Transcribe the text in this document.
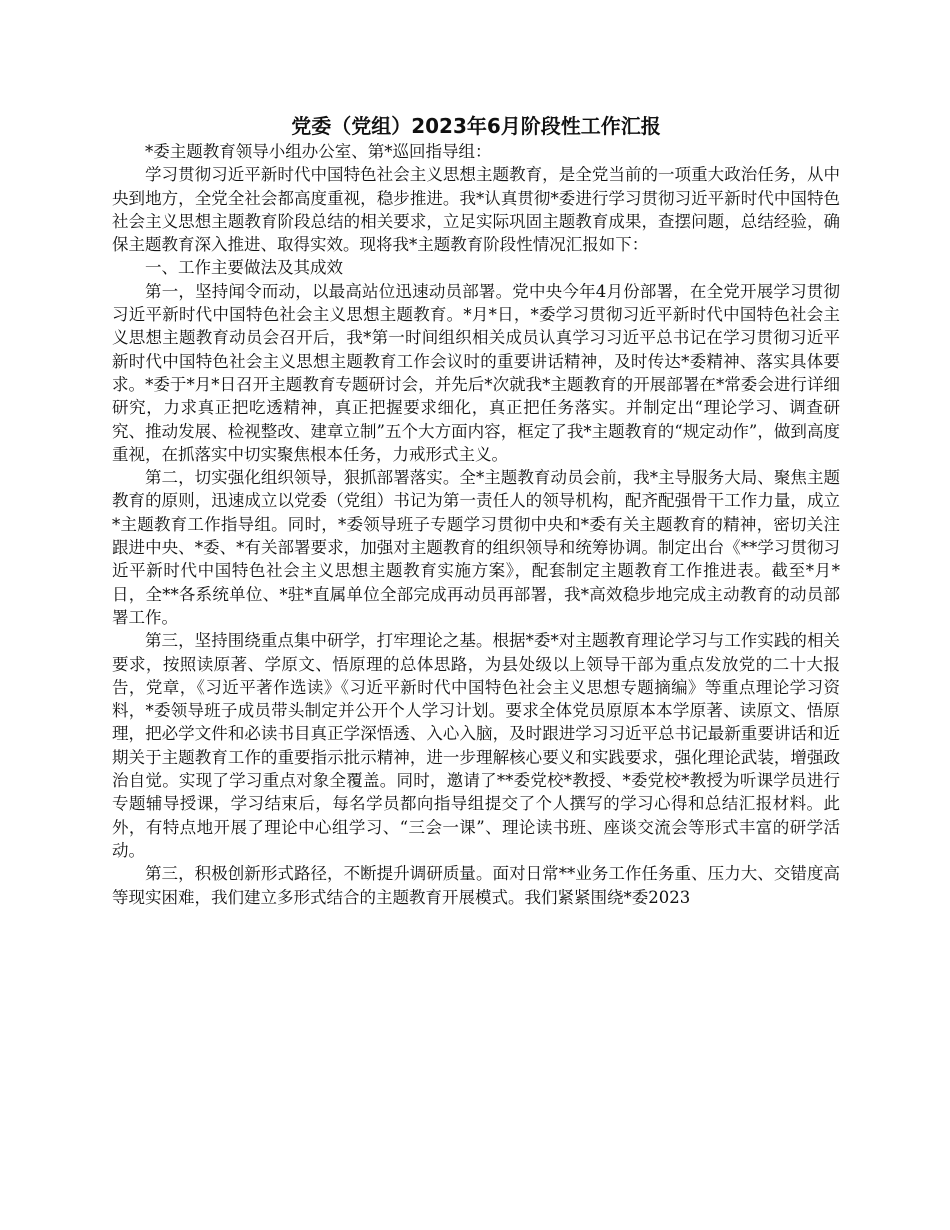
党委（党组）2023年6月阶段性工作汇报
*委主题教育领导小组办公室、第*巡回指导组：
学习贯彻习近平新时代中国特色社会主义思想主题教育，是全党当前的一项重大政治任务，从中央到地方，全党全社会都高度重视，稳步推进。我*认真贯彻*委进行学习贯彻习近平新时代中国特色社会主义思想主题教育阶段总结的相关要求，立足实际巩固主题教育成果，查摆问题，总结经验，确保主题教育深入推进、取得实效。现将我*主题教育阶段性情况汇报如下：
一、工作主要做法及其成效
第一，坚持闻令而动，以最高站位迅速动员部署。党中央今年4月份部署，在全党开展学习贯彻习近平新时代中国特色社会主义思想主题教育。*月*日，*委学习贯彻习近平新时代中国特色社会主义思想主题教育动员会召开后，我*第一时间组织相关成员认真学习习近平总书记在学习贯彻习近平新时代中国特色社会主义思想主题教育工作会议时的重要讲话精神，及时传达*委精神、落实具体要求。*委于*月*日召开主题教育专题研讨会，并先后*次就我*主题教育的开展部署在*常委会进行详细研究，力求真正把吃透精神，真正把握要求细化，真正把任务落实。并制定出“理论学习、调查研究、推动发展、检视整改、建章立制”五个大方面内容，框定了我*主题教育的“规定动作”，做到高度重视，在抓落实中切实聚焦根本任务，力戒形式主义。
第二，切实强化组织领导，狠抓部署落实。全*主题教育动员会前，我*主导服务大局、聚焦主题教育的原则，迅速成立以党委（党组）书记为第一责任人的领导机构，配齐配强骨干工作力量，成立*主题教育工作指导组。同时，*委领导班子专题学习贯彻中央和*委有关主题教育的精神，密切关注跟进中央、*委、*有关部署要求，加强对主题教育的组织领导和统筹协调。制定出台《**学习贯彻习近平新时代中国特色社会主义思想主题教育实施方案》，配套制定主题教育工作推进表。截至*月*日，全**各系统单位、*驻*直属单位全部完成再动员再部署，我*高效稳步地完成主动教育的动员部署工作。
第三，坚持围绕重点集中研学，打牢理论之基。根据*委*对主题教育理论学习与工作实践的相关要求，按照读原著、学原文、悟原理的总体思路，为县处级以上领导干部为重点发放党的二十大报告，党章，《习近平著作选读》《习近平新时代中国特色社会主义思想专题摘编》等重点理论学习资料，*委领导班子成员带头制定并公开个人学习计划。要求全体党员原原本本学原著、读原文、悟原理，把必学文件和必读书目真正学深悟透、入心入脑，及时跟进学习习近平总书记最新重要讲话和近期关于主题教育工作的重要指示批示精神，进一步理解核心要义和实践要求，强化理论武装，增强政治自觉。实现了学习重点对象全覆盖。同时，邀请了**委党校*教授、*委党校*教授为听课学员进行专题辅导授课，学习结束后，每名学员都向指导组提交了个人撰写的学习心得和总结汇报材料。此外，有特点地开展了理论中心组学习、“三会一课”、理论读书班、座谈交流会等形式丰富的研学活动。
第三，积极创新形式路径，不断提升调研质量。面对日常**业务工作任务重、压力大、交错度高等现实困难，我们建立多形式结合的主题教育开展模式。我们紧紧围绕*委2023
